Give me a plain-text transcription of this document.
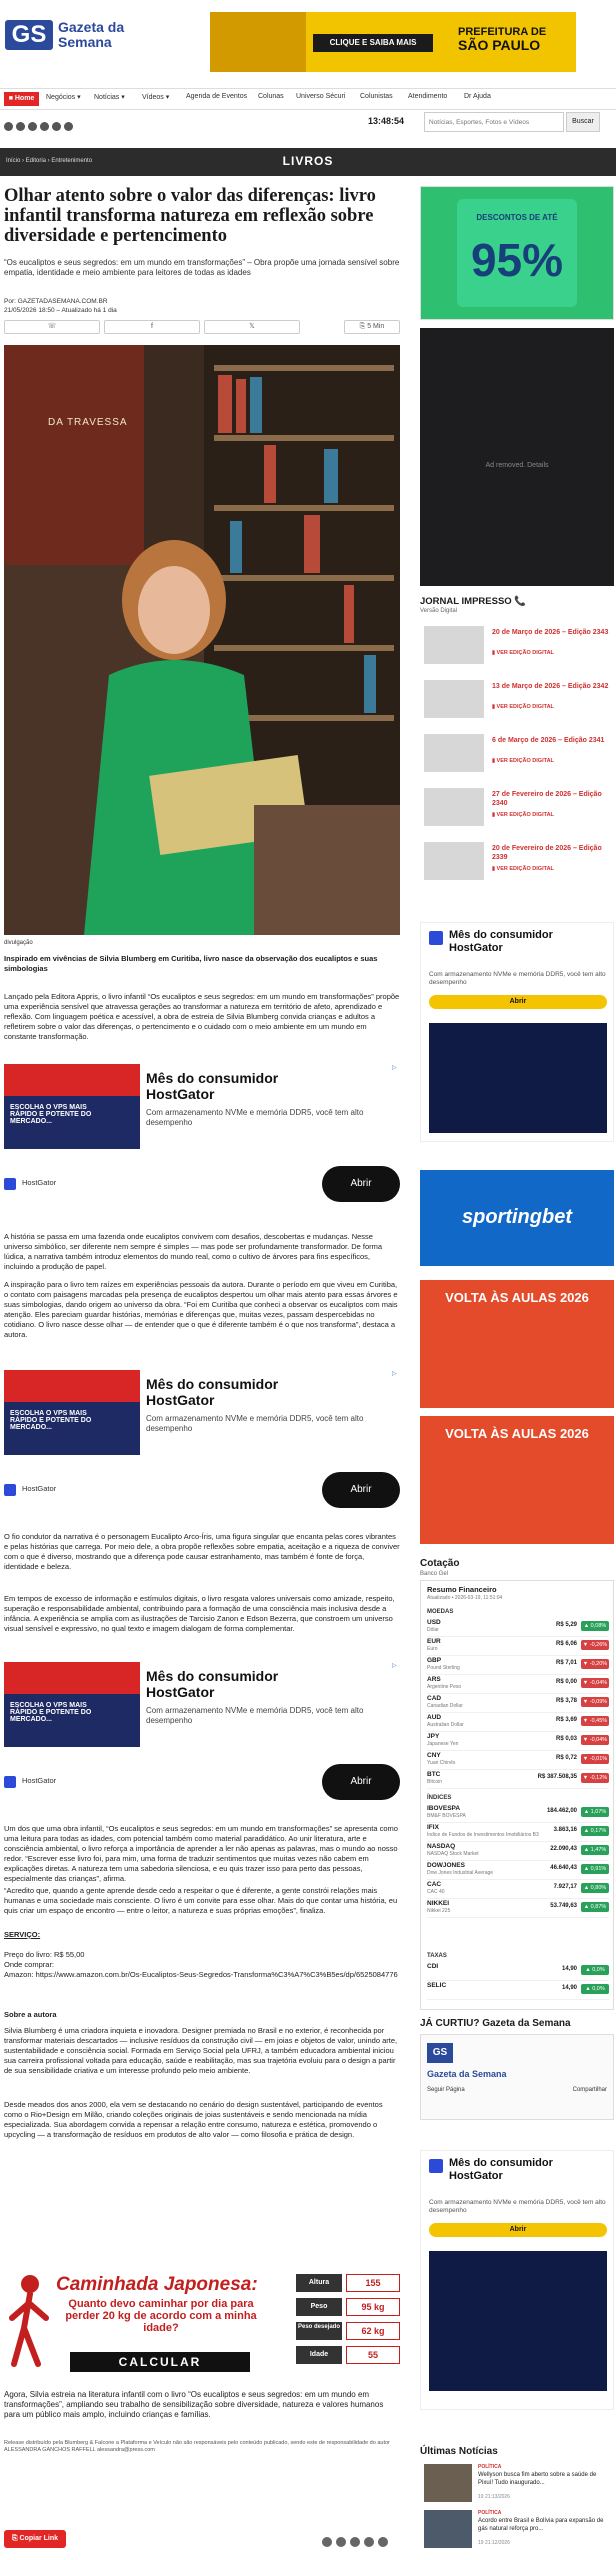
GS Gazeta da
Semana	CLIQUE E SAIBA MAIS
PREFEITURA DE
SÃO PAULO
■ Home	Negócios ▾ Notícias ▾ Vídeos ▾ Agenda de Eventos Colunas Universo Sécuri Colunistas Atendimento Dr Ajuda
13:48:54
Notícias, Esportes, Fotos e Vídeos	Buscar
Início › Editoria › Entretenimento	LIVROS
Olhar atento sobre o valor das diferenças: livro infantil transforma natureza em reflexão sobre diversidade e pertencimento

“Os eucaliptos e seus segredos: em um mundo em transformações” – Obra propõe uma jornada sensível sobre empatia, identidade e meio ambiente para leitores de todas as idades

Por: GAZETADASEMANA.COM.BR
21/05/2026 18:50 – Atualizado há 1 dia
☏	f	𝕏	⎘ 5 Min
DA TRAVESSA
divulgação

Inspirado em vivências de Silvia Blumberg em Curitiba, livro nasce da observação dos eucaliptos e suas simbologias

Lançado pela Editora Appris, o livro infantil “Os eucaliptos e seus segredos: em um mundo em transformações” propõe uma experiência sensível que atravessa gerações ao transformar a natureza em território de afeto, aprendizado e reflexão. Com linguagem poética e acessível, a obra de estreia de Silvia Blumberg convida crianças e adultos a refletirem sobre o valor das diferenças, o pertencimento e o cuidado com o meio ambiente em um mundo em constante transformação.

ESCOLHA O VPS MAIS RÁPIDO E POTENTE DO MERCADO...
Mês do consumidor
HostGator
Com armazenamento NVMe e memória DDR5, você tem alto desempenho
HostGator	Abrir
▷

A história se passa em uma fazenda onde eucaliptos convivem com desafios, descobertas e mudanças. Nesse universo simbólico, ser diferente nem sempre é simples — mas pode ser profundamente transformador. De forma lúdica, a narrativa também introduz elementos do mundo real, como o cultivo de árvores para fins específicos, incluindo a produção de papel.

A inspiração para o livro tem raízes em experiências pessoais da autora. Durante o período em que viveu em Curitiba, o contato com paisagens marcadas pela presença de eucaliptos despertou um olhar mais atento para essas árvores e suas simbologias, dando origem ao universo da obra. “Foi em Curitiba que conheci a observar os eucaliptos com mais atenção. Eles pareciam guardar histórias, memórias e diferenças que, muitas vezes, passam despercebidas no cotidiano. O livro nasce desse olhar — de entender que o que é diferente também é o que nos transforma”, destaca a autora.

ESCOLHA O VPS MAIS RÁPIDO E POTENTE DO MERCADO...
Mês do consumidor
HostGator
Com armazenamento NVMe e memória DDR5, você tem alto desempenho
HostGator	Abrir
▷

O fio condutor da narrativa é o personagem Eucalipto Arco-Íris, uma figura singular que encanta pelas cores vibrantes e pelas histórias que carrega. Por meio dele, a obra propõe reflexões sobre empatia, aceitação e a riqueza de conviver com o que é diverso, mostrando que a diferença pode causar estranhamento, mas também é fonte de força, identidade e beleza.

Em tempos de excesso de informação e estímulos digitais, o livro resgata valores universais como amizade, respeito, superação e responsabilidade ambiental, contribuindo para a formação de uma consciência mais inclusiva desde a infância. A experiência se amplia com as ilustrações de Tarcisio Zanon e Edson Bezerra, que constroem um universo visual sensível e expressivo, no qual texto e imagem dialogam de forma complementar.

ESCOLHA O VPS MAIS RÁPIDO E POTENTE DO MERCADO...
Mês do consumidor
HostGator
Com armazenamento NVMe e memória DDR5, você tem alto desempenho
HostGator	Abrir
▷

Um dos que uma obra infantil, “Os eucaliptos e seus segredos: em um mundo em transformações” se apresenta como uma leitura para todas as idades, com potencial também como material paradidático. Ao unir literatura, arte e consciência ambiental, o livro reforça a importância de aprender a ler não apenas as palavras, mas o mundo ao nosso redor. “Escrever esse livro foi, para mim, uma forma de traduzir sentimentos que muitas vezes não cabem em explicações diretas. A natureza tem uma sabedoria silenciosa, e eu quis trazer isso para perto das pessoas, especialmente das crianças”, afirma.

“Acredito que, quando a gente aprende desde cedo a respeitar o que é diferente, a gente constrói relações mais humanas e uma sociedade mais consciente. O livro é um convite para esse olhar. Mais do que contar uma história, eu quis criar um espaço de encontro — entre o leitor, a natureza e suas próprias emoções”, finaliza.

SERVIÇO:

Preço do livro: R$ 55,00
Onde comprar:
Amazon: https://www.amazon.com.br/Os-Eucaliptos-Seus-Segredos-Transforma%C3%A7%C3%B5es/dp/6525084776

Sobre a autora

Silvia Blumberg é uma criadora inquieta e inovadora. Designer premiada no Brasil e no exterior, é reconhecida por transformar materiais descartados — inclusive resíduos da construção civil — em joias e objetos de valor, unindo arte, sustentabilidade e consciência social. Formada em Serviço Social pela UFRJ, a também educadora ambiental iniciou sua carreira profissional voltada para educação, saúde e reabilitação, mas sua trajetória evoluiu para o design a partir de sua sensibilidade criativa e um interesse profundo pelo meio ambiente.

Desde meados dos anos 2000, ela vem se destacando no cenário do design sustentável, participando de eventos como o Rio+Design em Milão, criando coleções originais de joias sustentáveis e sendo mencionada na mídia especializada. Sua abordagem convida a repensar a relação entre consumo, natureza e estética, promovendo o upcycling — a transformação de resíduos em produtos de alto valor — como filosofia e prática de design.

Caminhada Japonesa:
Quanto devo caminhar por dia para perder 20 kg de acordo com a minha idade?
CALCULAR
Altura	155
Peso	95 kg
Peso desejado	62 kg
Idade	55

Agora, Silvia estreia na literatura infantil com o livro “Os eucaliptos e seus segredos: em um mundo em transformações”, ampliando seu trabalho de sensibilização sobre diversidade, natureza e valores humanos para um público mais amplo, incluindo crianças e famílias.

Release distribuído pela Blumberg & Falcone a Plataforma e Veículo não são responsáveis pelo conteúdo publicado, sendo este de responsabilidade do autor ALESSANDRA GANCHOS RAFFELL alessandra@press.com

⎘ Copiar Link
DESCONTOS DE ATÉ
95%
Ad removed. Details
JORNAL IMPRESSO 📞
Versão Digital
20 de Março de 2026 – Edição 2343
▮ VER EDIÇÃO DIGITAL
13 de Março de 2026 – Edição 2342
▮ VER EDIÇÃO DIGITAL
6 de Março de 2026 – Edição 2341
▮ VER EDIÇÃO DIGITAL
27 de Fevereiro de 2026 – Edição 2340
▮ VER EDIÇÃO DIGITAL
20 de Fevereiro de 2026 – Edição 2339
▮ VER EDIÇÃO DIGITAL
Mês do consumidor
HostGator
Com armazenamento NVMe e memória DDR5, você tem alto desempenho
Abrir
sportingbet
VOLTA ÀS AULAS 2026
VOLTA ÀS AULAS 2026
Cotação
Banco Gel
Resumo Financeiro
Atualizado • 2026-03-19, 11:51:04
MOEDAS
USD
Dólar
R$ 5,29	▲ 0,08%
EUR
Euro
R$ 6,06	▼ -0,26%
GBP
Pound Sterling
R$ 7,01	▼ -0,20%
ARS
Argentine Peso
R$ 0,00	▼ -0,04%
CAD
Canadian Dollar
R$ 3,78	▼ -0,09%
AUD
Australian Dollar
R$ 3,69	▼ -0,45%
JPY
Japanese Yen
R$ 0,03	▼ -0,04%
CNY
Yuan Chinês
R$ 0,72	▼ -0,01%
BTC
Bitcoin
R$ 387.508,35	▼ -0,12%
ÍNDICES
IBOVESPA
BM&F BOVESPA
184.462,00	▲ 1,07%
IFIX
Índice de Fundos de Investimentos Imobiliários B3
3.863,16	▲ 0,17%
NASDAQ
NASDAQ Stock Market
22.090,43	▲ 1,47%
DOWJONES
Dow Jones Industrial Average
46.640,43	▲ 0,91%
CAC
CAC 40
7.927,17	▲ 0,80%
NIKKEI
Nikkei 225
53.749,63	▲ 0,87%
TAXAS
CDI	14,90	▲ 0,0%
SELIC	14,90	▲ 0,0%
JÁ CURTIU? Gazeta da Semana
GS
Gazeta da Semana
Seguir Página	Compartilhar
Mês do consumidor
HostGator
Com armazenamento NVMe e memória DDR5, você tem alto desempenho
Abrir
Últimas Notícias
POLÍTICA
Wellyson busca fim aberto sobre a saúde de Pixuí! Tudo inaugurado...
19 21:13/2026
POLÍTICA
Acordo entre Brasil e Bolívia para expansão de gás natural reforça pro...
19 21:12/2026
